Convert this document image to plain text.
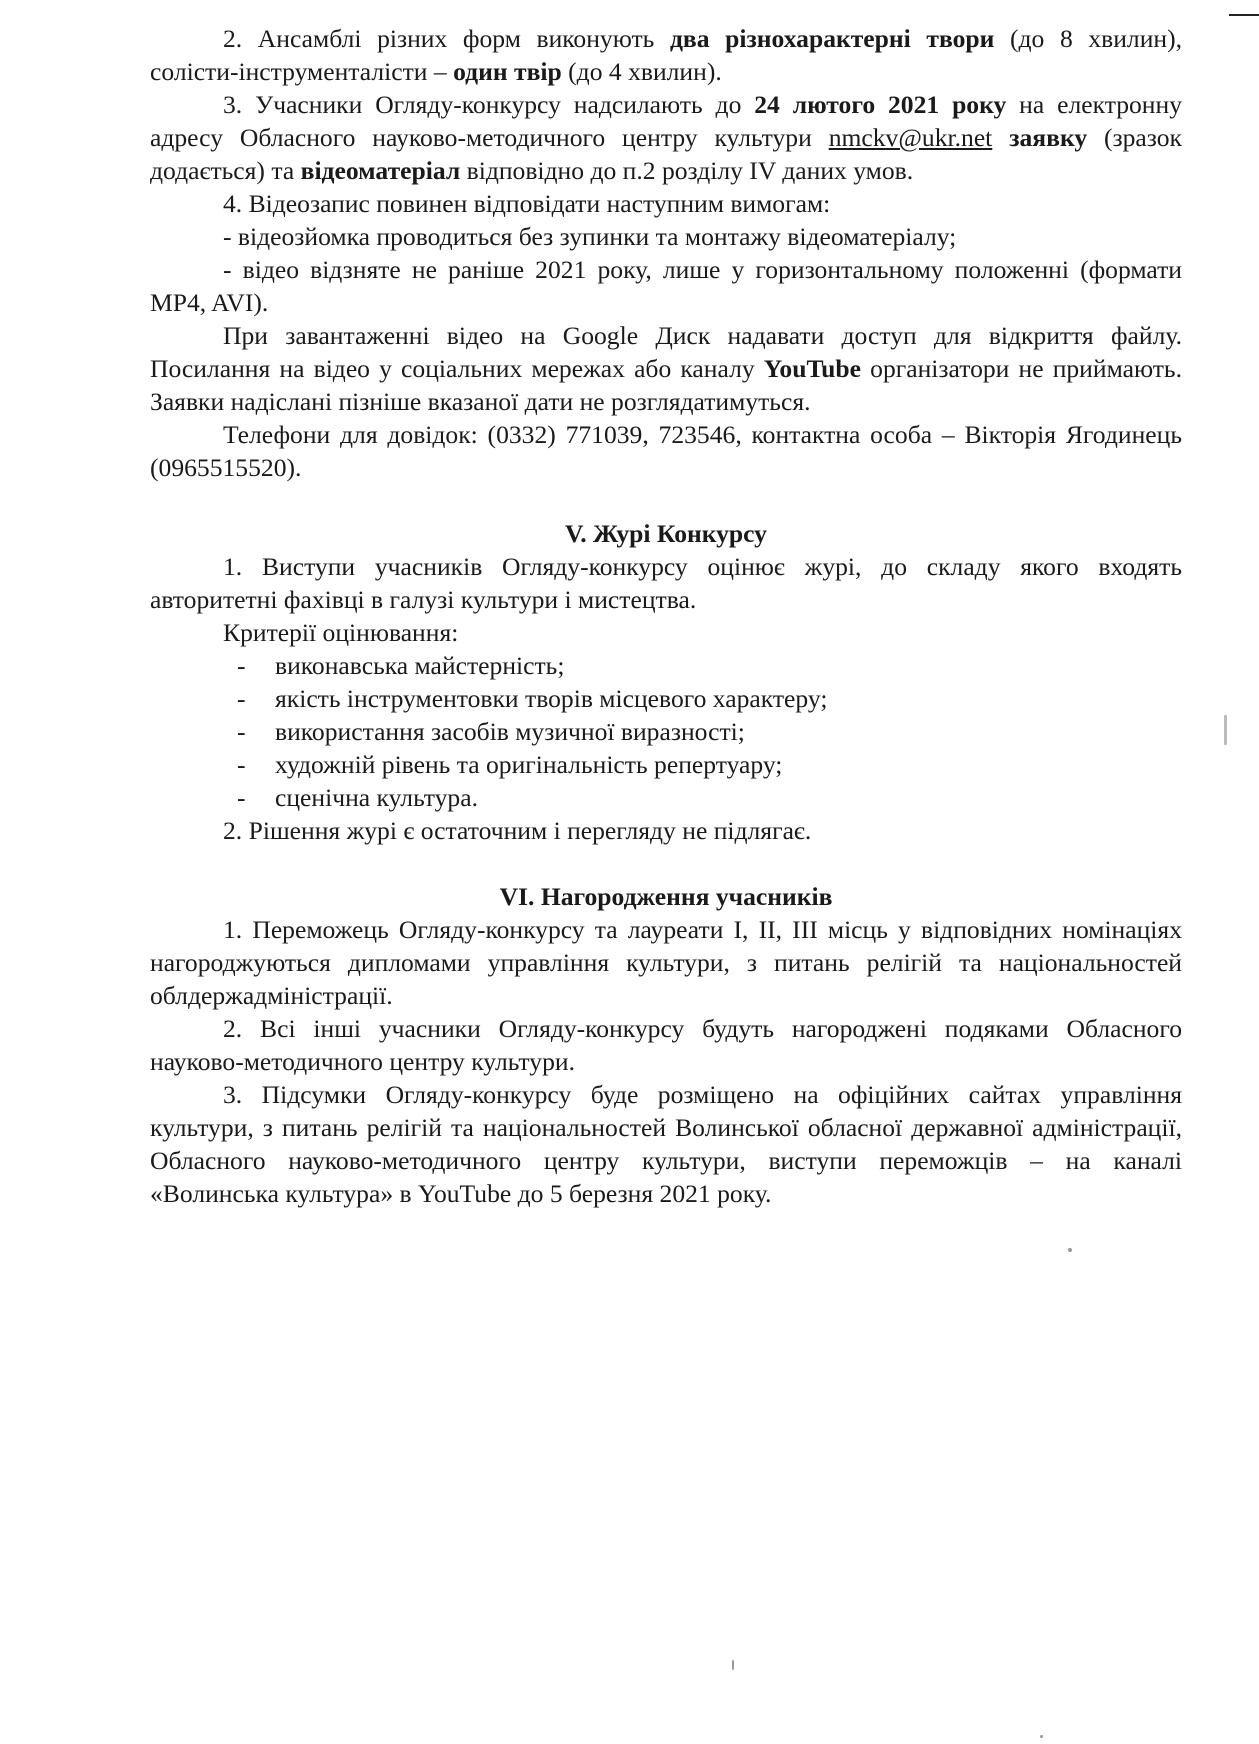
2. Ансамблі різних форм виконують два різнохарактерні твори (до 8 хвилин), солісти-інструменталісти – один твір (до 4 хвилин).

3. Учасники Огляду-конкурсу надсилають до 24 лютого 2021 року на електронну адресу Обласного науково-методичного центру культури nmckv@ukr.net заявку (зразок додається) та відеоматеріал відповідно до п.2 розділу IV даних умов.

4. Відеозапис повинен відповідати наступним вимогам:

- відеозйомка проводиться без зупинки та монтажу відеоматеріалу;

- відео відзняте не раніше 2021 року, лише у горизонтальному положенні (формати MP4, AVI).

При завантаженні відео на Google Диск надавати доступ для відкриття файлу. Посилання на відео у соціальних мережах або каналу YouTube організатори не приймають. Заявки надіслані пізніше вказаної дати не розглядатимуться.

Телефони для довідок: (0332) 771039, 723546, контактна особа – Вікторія Ягодинець (0965515520).

V. Журі Конкурсу

1. Виступи учасників Огляду-конкурсу оцінює журі, до складу якого входять авторитетні фахівці в галузі культури і мистецтва.

Критерії оцінювання:

- виконавська майстерність;
- якість інструментовки творів місцевого характеру;
- використання засобів музичної виразності;
- художній рівень та оригінальність репертуару;
- сценічна культура.

2. Рішення журі є остаточним і перегляду не підлягає.

VI. Нагородження учасників

1. Переможець Огляду-конкурсу та лауреати I, II, III місць у відповідних номінаціях нагороджуються дипломами управління культури, з питань релігій та національностей облдержадміністрації.

2. Всі інші учасники Огляду-конкурсу будуть нагороджені подяками Обласного науково-методичного центру культури.

3. Підсумки Огляду-конкурсу буде розміщено на офіційних сайтах управління культури, з питань релігій та національностей Волинської обласної державної адміністрації, Обласного науково-методичного центру культури, виступи переможців – на каналі «Волинська культура» в YouTube до 5 березня 2021 року.
